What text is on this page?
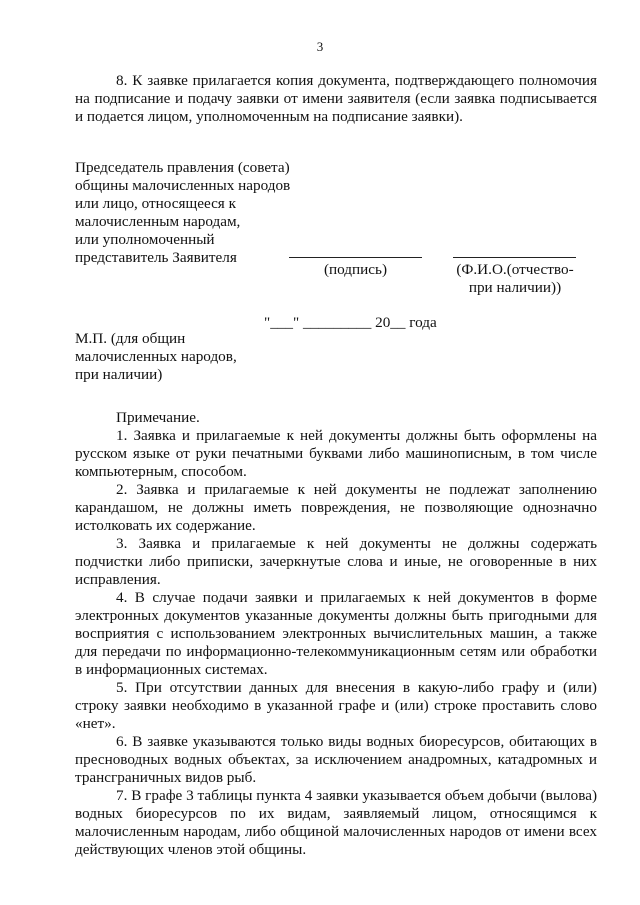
3
8. К заявке прилагается копия документа, подтверждающего полномочия на подписание и подачу заявки от имени заявителя (если заявка подписывается и подается лицом, уполномоченным на подписание заявки).
Председатель правления (совета)
общины малочисленных народов
или лицо, относящееся к
малочисленным народам,
или уполномоченный
представитель Заявителя
(подпись)	(Ф.И.О.(отчество-
при наличии))
"___" _________ 20__ года
М.П. (для общин
малочисленных народов,
при наличии)
Примечание.

1. Заявка и прилагаемые к ней документы должны быть оформлены на русском языке от руки печатными буквами либо машинописным, в том числе компьютерным, способом.

2. Заявка и прилагаемые к ней документы не подлежат заполнению карандашом, не должны иметь повреждения, не позволяющие однозначно истолковать их содержание.

3. Заявка и прилагаемые к ней документы не должны содержать подчистки либо приписки, зачеркнутые слова и иные, не оговоренные в них исправления.

4. В случае подачи заявки и прилагаемых к ней документов в форме электронных документов указанные документы должны быть пригодными для восприятия с использованием электронных вычислительных машин, а также для передачи по информационно-телекоммуникационным сетям или обработки в информационных системах.

5. При отсутствии данных для внесения в какую-либо графу и (или) строку заявки необходимо в указанной графе и (или) строке проставить слово «нет».

6. В заявке указываются только виды водных биоресурсов, обитающих в пресноводных водных объектах, за исключением анадромных, катадромных и трансграничных видов рыб.

7. В графе 3 таблицы пункта 4 заявки указывается объем добычи (вылова) водных биоресурсов по их видам, заявляемый лицом, относящимся к малочисленным народам, либо общиной малочисленных народов от имени всех действующих членов этой общины.
